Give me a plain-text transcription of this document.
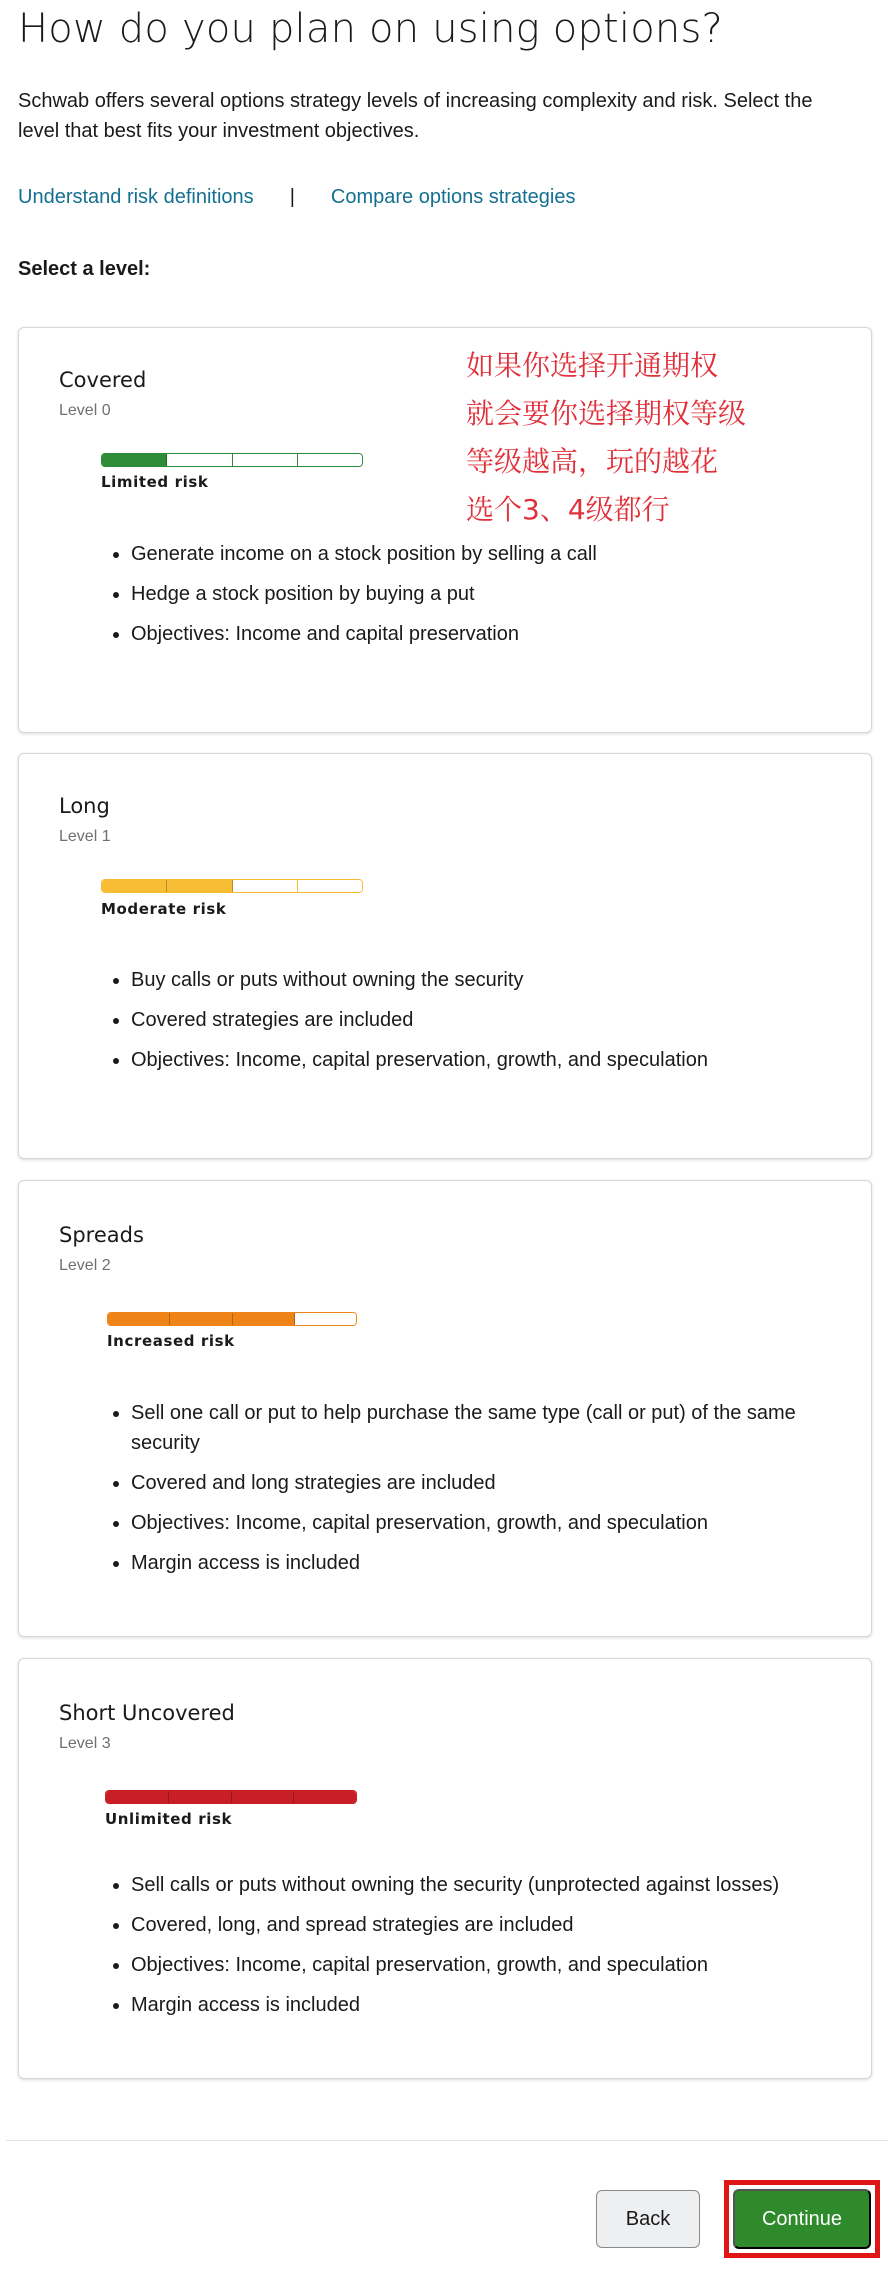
How do you plan on using options?
Schwab offers several options strategy levels of increasing complexity and risk. Select the level that best fits your investment objectives.
Understand risk definitions | Compare options strategies
Select a level:
Covered
Level 0
Limited risk
• Generate income on a stock position by selling a call
• Hedge a stock position by buying a put
• Objectives: Income and capital preservation
Long
Level 1
Moderate risk
• Buy calls or puts without owning the security
• Covered strategies are included
• Objectives: Income, capital preservation, growth, and speculation
Spreads
Level 2
Increased risk
• Sell one call or put to help purchase the same type (call or put) of the same security
• Covered and long strategies are included
• Objectives: Income, capital preservation, growth, and speculation
• Margin access is included
Short Uncovered
Level 3
Unlimited risk
• Sell calls or puts without owning the security (unprotected against losses)
• Covered, long, and spread strategies are included
• Objectives: Income, capital preservation, growth, and speculation
• Margin access is included
如果你选择开通期权
就会要你选择期权等级
等级越高，玩的越花
选个3、4级都行
Back	Continue
